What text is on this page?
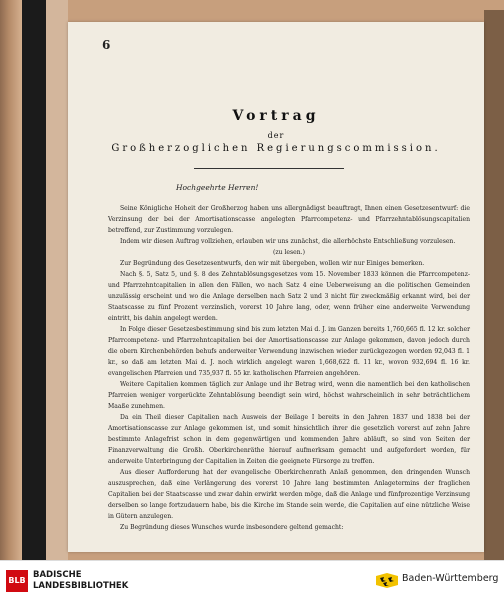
6
Vortrag
der
Großherzoglichen Regierungscommission.
Hochgeehrte Herren!

Seine Königliche Hoheit der Großherzog haben uns allergnädigst beauftragt, Ihnen einen Gesetzesentwurf: die Verzinsung der bei der Amortisationscasse angelegten Pfarrcompetenz- und Pfarrzehntablösungscapitalien betreffend, zur Zustimmung vorzulegen.

Indem wir diesen Auftrag vollziehen, erlauben wir uns zunächst, die allerhöchste Entschließung vorzulesen.

(zu lesen.)

Zur Begründung des Gesetzesentwurfs, den wir mit übergeben, wollen wir nur Einiges bemerken.

Nach §. 5, Satz 5, und §. 8 des Zehntablösungsgesetzes vom 15. November 1833 können die Pfarrcompetenz- und Pfarrzehntcapitalien in allen den Fällen, wo nach Satz 4 eine Ueberweisung an die politischen Gemeinden unzulässig erscheint und wo die Anlage derselben nach Satz 2 und 3 nicht für zweckmäßig erkannt wird, bei der Staatscasse zu fünf Prozent verzinslich, vorerst 10 Jahre lang, oder, wenn früher eine anderweite Verwendung eintritt, bis dahin angelegt werden.

In Folge dieser Gesetzesbestimmung sind bis zum letzten Mai d. J. im Ganzen bereits 1,760,665 fl. 12 kr. solcher Pfarrcompetenz- und Pfarrzehntcapitalien bei der Amortisationscasse zur Anlage gekommen, davon jedoch durch die obern Kirchenbehörden behufs anderweiter Verwendung inzwischen wieder zurückgezogen worden 92,043 fl. 1 kr., so daß am letzten Mai d. J. noch wirklich angelegt waren 1,668,622 fl. 11 kr., wovon 932,694 fl. 16 kr. evangelischen Pfarreien und 735,937 fl. 55 kr. katholischen Pfarreien angehören.

Weitere Capitalien kommen täglich zur Anlage und ihr Betrag wird, wenn die namentlich bei den katholischen Pfarreien weniger vorgerückte Zehntablösung beendigt sein wird, höchst wahrscheinlich in sehr beträchtlichem Maaße zunehmen.

Da ein Theil dieser Capitalien nach Ausweis der Beilage I bereits in den Jahren 1837 und 1838 bei der Amortisationscasse zur Anlage gekommen ist, und somit hinsichtlich ihrer die gesetzlich vorerst auf zehn Jahre bestimmte Anlagefrist schon in dem gegenwärtigen und kommenden Jahre abläuft, so sind von Seiten der Finanzverwaltung die Großh. Oberkirchenräthe hierauf aufmerksam gemacht und aufgefordert worden, für anderweite Unterbringung der Capitalien in Zeiten die geeignete Fürsorge zu treffen.

Aus dieser Aufforderung hat der evangelische Oberkirchenrath Anlaß genommen, den dringenden Wunsch auszusprechen, daß eine Verlängerung des vorerst 10 Jahre lang bestimmten Anlagetermins der fraglichen Capitalien bei der Staatscasse und zwar dahin erwirkt werden möge, daß die Anlage und fünfprozentige Verzinsung derselben so lange fortzudauern habe, bis die Kirche im Stande sein werde, die Capitalien auf eine nützliche Weise in Gütern anzulegen.

Zu Begründung dieses Wunsches wurde insbesondere geltend gemacht:

BLB
BADISCHE
LANDESBIBLIOTHEK
Baden-Württemberg
